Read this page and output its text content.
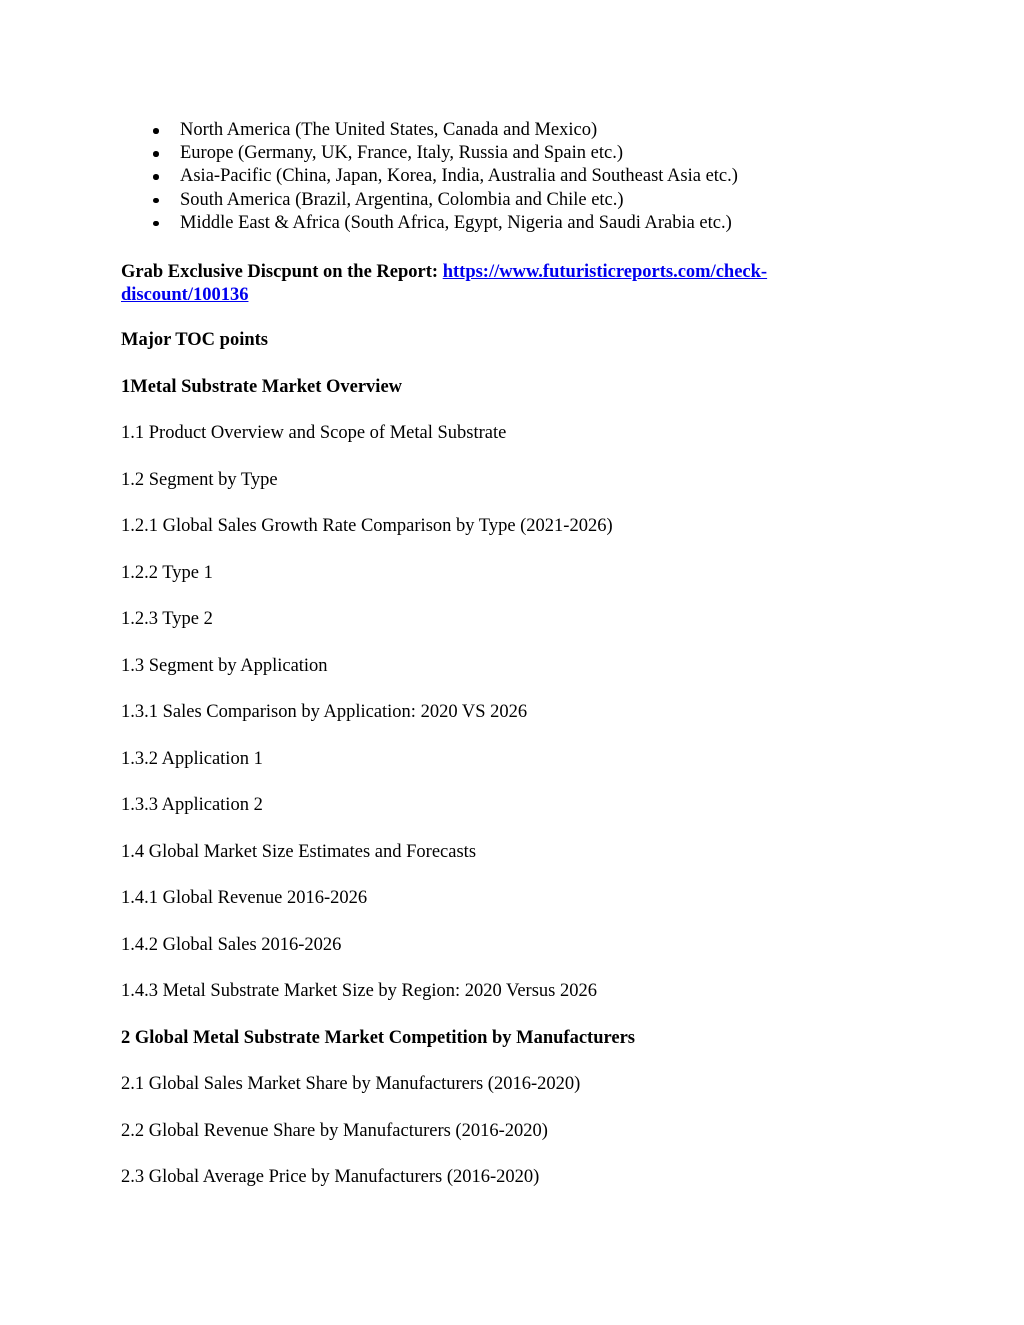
North America (The United States, Canada and Mexico)
Europe (Germany, UK, France, Italy, Russia and Spain etc.)
Asia-Pacific (China, Japan, Korea, India, Australia and Southeast Asia etc.)
South America (Brazil, Argentina, Colombia and Chile etc.)
Middle East & Africa (South Africa, Egypt, Nigeria and Saudi Arabia etc.)
Grab Exclusive Discpunt on the Report: https://www.futuristicreports.com/check-
discount/100136
Major TOC points
1Metal Substrate Market Overview
1.1 Product Overview and Scope of Metal Substrate
1.2 Segment by Type
1.2.1 Global Sales Growth Rate Comparison by Type (2021-2026)
1.2.2 Type 1
1.2.3 Type 2
1.3 Segment by Application
1.3.1 Sales Comparison by Application: 2020 VS 2026
1.3.2 Application 1
1.3.3 Application 2
1.4 Global Market Size Estimates and Forecasts
1.4.1 Global Revenue 2016-2026
1.4.2 Global Sales 2016-2026
1.4.3 Metal Substrate Market Size by Region: 2020 Versus 2026
2 Global Metal Substrate Market Competition by Manufacturers
2.1 Global Sales Market Share by Manufacturers (2016-2020)
2.2 Global Revenue Share by Manufacturers (2016-2020)
2.3 Global Average Price by Manufacturers (2016-2020)
